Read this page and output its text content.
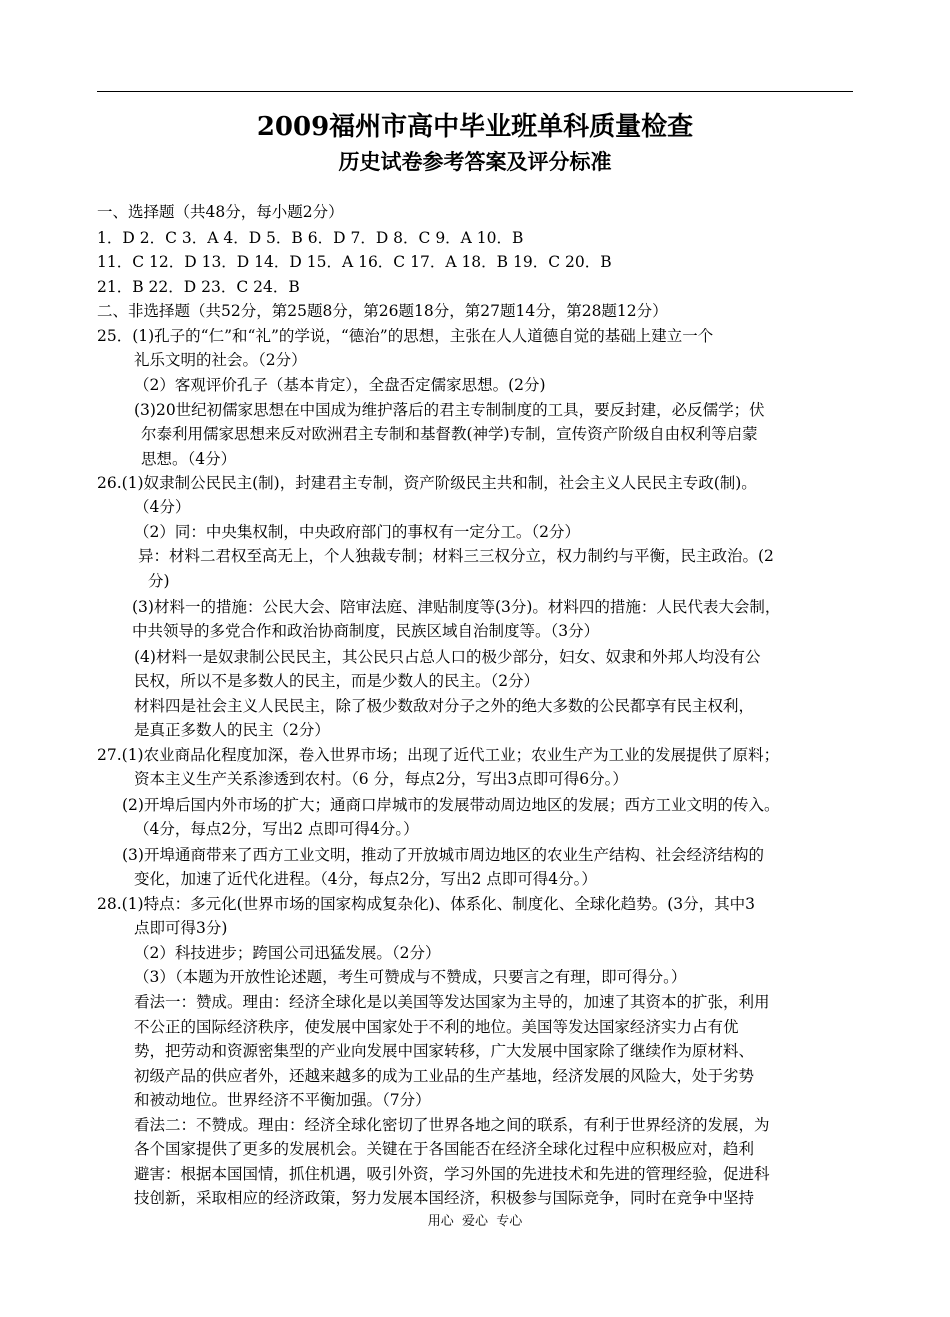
2009福州市高中毕业班单科质量检查
历史试卷参考答案及评分标准
一、选择题（共48分，每小题2分）
1．D 2．C 3．A 4．D 5．B 6．D 7．D 8．C 9．A 10．B
11．C 12．D 13．D 14．D 15．A 16．C 17．A 18．B 19．C 20．B
21．B 22．D 23．C 24．B
二、非选择题（共52分，第25题8分，第26题18分，第27题14分，第28题12分）
25．(1)孔子的“仁”和“礼”的学说，“德治”的思想，主张在人人道德自觉的基础上建立一个
礼乐文明的社会。（2分）
（2）客观评价孔子（基本肯定），全盘否定儒家思想。(2分)
(3)20世纪初儒家思想在中国成为维护落后的君主专制制度的工具，要反封建，必反儒学；伏
尔泰利用儒家思想来反对欧洲君主专制和基督教(神学)专制，宣传资产阶级自由权利等启蒙
思想。（4分）
26.(1)奴隶制公民民主(制)，封建君主专制，资产阶级民主共和制，社会主义人民民主专政(制)。
（4分）
（2）同：中央集权制，中央政府部门的事权有一定分工。（2分）
异：材料二君权至高无上，个人独裁专制；材料三三权分立，权力制约与平衡，民主政治。(2
分)
(3)材料一的措施：公民大会、陪审法庭、津贴制度等(3分)。材料四的措施：人民代表大会制，
中共领导的多党合作和政治协商制度，民族区域自治制度等。（3分）
(4)材料一是奴隶制公民民主，其公民只占总人口的极少部分，妇女、奴隶和外邦人均没有公
民权，所以不是多数人的民主，而是少数人的民主。（2分）
材料四是社会主义人民民主，除了极少数敌对分子之外的绝大多数的公民都享有民主权利，
是真正多数人的民主（2分）
27.(1)农业商品化程度加深，卷入世界市场；出现了近代工业；农业生产为工业的发展提供了原料；
资本主义生产关系渗透到农村。（6 分，每点2分，写出3点即可得6分。）
(2)开埠后国内外市场的扩大；通商口岸城市的发展带动周边地区的发展；西方工业文明的传入。
（4分，每点2分，写出2 点即可得4分。）
(3)开埠通商带来了西方工业文明，推动了开放城市周边地区的农业生产结构、社会经济结构的
变化，加速了近代化进程。（4分，每点2分，写出2 点即可得4分。）
28.(1)特点：多元化(世界市场的国家构成复杂化)、体系化、制度化、全球化趋势。(3分，其中3
点即可得3分)
（2）科技进步；跨国公司迅猛发展。（2分）
（3）（本题为开放性论述题，考生可赞成与不赞成，只要言之有理，即可得分。）
看法一：赞成。理由：经济全球化是以美国等发达国家为主导的，加速了其资本的扩张，利用
不公正的国际经济秩序，使发展中国家处于不利的地位。美国等发达国家经济实力占有优
势，把劳动和资源密集型的产业向发展中国家转移，广大发展中国家除了继续作为原材料、
初级产品的供应者外，还越来越多的成为工业品的生产基地，经济发展的风险大，处于劣势
和被动地位。世界经济不平衡加强。（7分）
看法二：不赞成。理由：经济全球化密切了世界各地之间的联系，有利于世界经济的发展，为
各个国家提供了更多的发展机会。关键在于各国能否在经济全球化过程中应积极应对，趋利
避害：根据本国国情，抓住机遇，吸引外资，学习外国的先进技术和先进的管理经验，促进科
技创新，采取相应的经济政策，努力发展本国经济，积极参与国际竞争，同时在竞争中坚持
用心  爱心  专心
